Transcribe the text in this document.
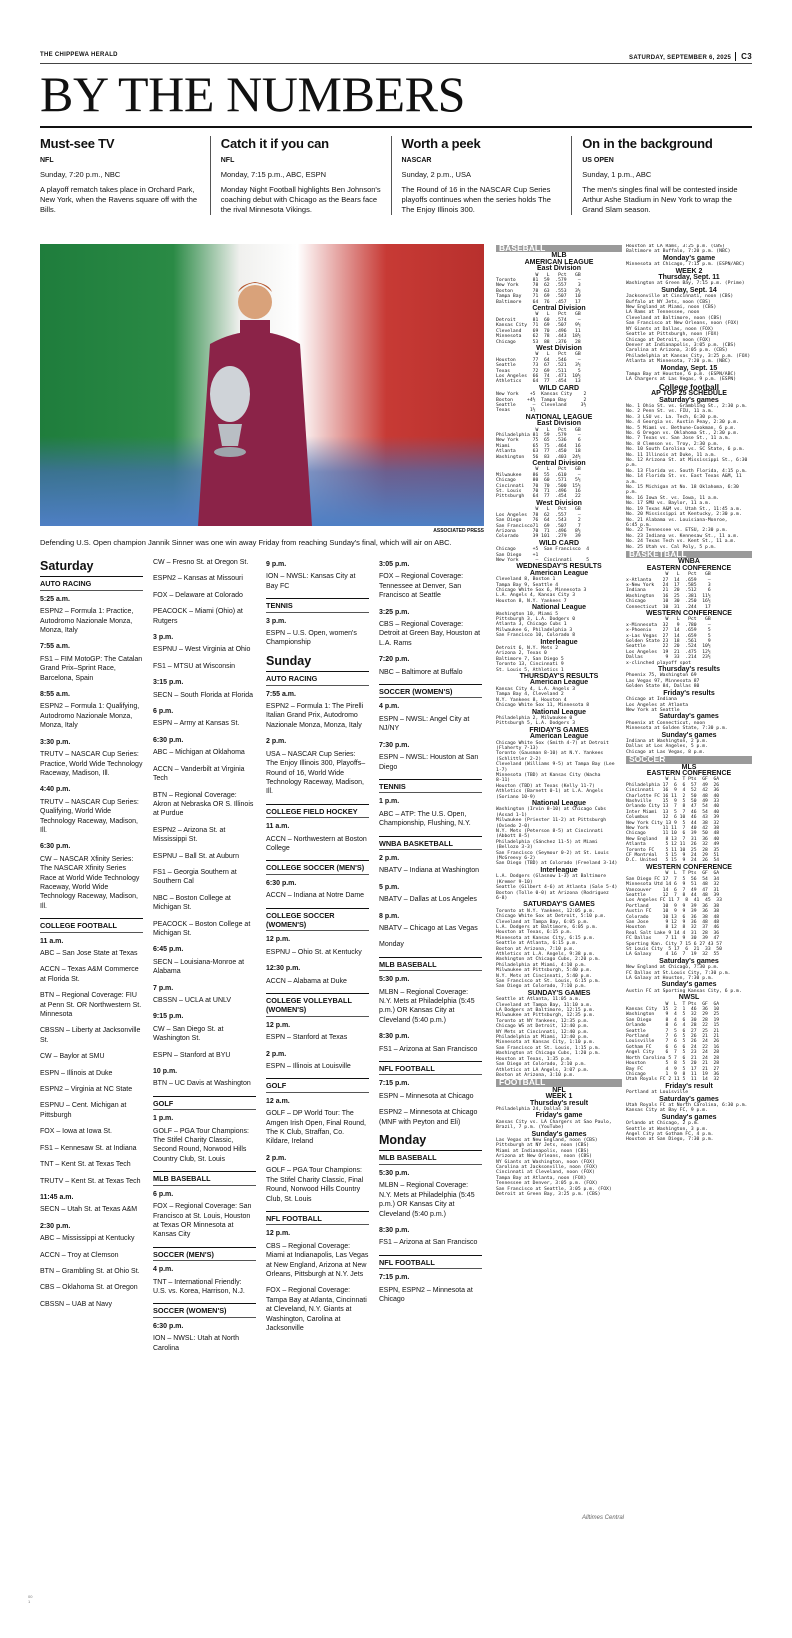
THE CHIPPEWA HERALD	SATURDAY, SEPTEMBER 6, 2025 C3
BY THE NUMBERS
Must-see TV
NFL
Sunday, 7:20 p.m., NBC
A playoff rematch takes place in Orchard Park, New York, when the Ravens square off with the Bills.
Catch it if you can
NFL
Monday, 7:15 p.m., ABC, ESPN
Monday Night Football highlights Ben Johnson's coaching debut with Chicago as the Bears face the rival Minnesota Vikings.
Worth a peek
NASCAR
Sunday, 2 p.m., USA
The Round of 16 in the NASCAR Cup Series playoffs continues when the series holds The The Enjoy Illinois 300.
On in the background
US OPEN
Sunday, 1 p.m., ABC
The men's singles final will be contested inside Arthur Ashe Stadium in New York to wrap the Grand Slam season.
ASSOCIATED PRESS
Defending U.S. Open champion Jannik Sinner was one win away Friday from reaching Sunday's final, which will air on ABC.
Saturday
AUTO RACING
5:25 a.m.
ESPN2 – Formula 1: Practice, Autodromo Nazionale Monza, Monza, Italy
7:55 a.m.
FS1 – FIM MotoGP: The Catalan Grand Prix–Sprint Race, Barcelona, Spain
8:55 a.m.
ESPN2 – Formula 1: Qualifying, Autodromo Nazionale Monza, Monza, Italy
3:30 p.m.
TRUTV – NASCAR Cup Series: Practice, World Wide Technology Raceway, Madison, Ill.
4:40 p.m.
TRUTV – NASCAR Cup Series: Qualifying, World Wide Technology Raceway, Madison, Ill.
6:30 p.m.
CW – NASCAR Xfinity Series: The NASCAR Xfinity Series Race at World Wide Technology Raceway, World Wide Technology Raceway, Madison, Ill.
COLLEGE FOOTBALL
11 a.m.
ABC – San Jose State at Texas
ACCN – Texas A&M Commerce at Florida St.
BTN – Regional Coverage: FIU at Penn St. OR Northwestern St. Minnesota
CBSSN – Liberty at Jacksonville St.
CW – Baylor at SMU
ESPN – Illinois at Duke
ESPN2 – Virginia at NC State
ESPNU – Cent. Michigan at Pittsburgh
FOX – Iowa at Iowa St.
FS1 – Kennesaw St. at Indiana
TNT – Kent St. at Texas Tech
TRUTV – Kent St. at Texas Tech
11:45 a.m.
SECN – Utah St. at Texas A&M
2:30 p.m.
ABC – Mississippi at Kentucky
ACCN – Troy at Clemson
BTN – Grambling St. at Ohio St.
CBS – Oklahoma St. at Oregon
CBSSN – UAB at Navy
CW – Fresno St. at Oregon St.
ESPN2 – Kansas at Missouri
FOX – Delaware at Colorado
PEACOCK – Miami (Ohio) at Rutgers
3 p.m.
ESPNU – West Virginia at Ohio
FS1 – MTSU at Wisconsin
3:15 p.m.
SECN – South Florida at Florida
6 p.m.
ESPN – Army at Kansas St.
6:30 p.m.
ABC – Michigan at Oklahoma
ACCN – Vanderbilt at Virginia Tech
BTN – Regional Coverage: Akron at Nebraska OR S. Illinois at Purdue
ESPN2 – Arizona St. at Mississippi St.
ESPNU – Ball St. at Auburn
FS1 – Georgia Southern at Southern Cal
NBC – Boston College at Michigan St.
PEACOCK – Boston College at Michigan St.
6:45 p.m.
SECN – Louisiana-Monroe at Alabama
7 p.m.
CBSSN – UCLA at UNLV
9:15 p.m.
CW – San Diego St. at Washington St.
ESPN – Stanford at BYU
10 p.m.
BTN – UC Davis at Washington
GOLF
1 p.m.
GOLF – PGA Tour Champions: The Stifel Charity Classic, Second Round, Norwood Hills Country Club, St. Louis
MLB BASEBALL
6 p.m.
FOX – Regional Coverage: San Francisco at St. Louis, Houston at Texas OR Minnesota at Kansas City
SOCCER (MEN'S)
4 p.m.
TNT – International Friendly: U.S. vs. Korea, Harrison, N.J.
SOCCER (WOMEN'S)
6:30 p.m.
ION – NWSL: Utah at North Carolina
9 p.m.
ION – NWSL: Kansas City at Bay FC
TENNIS
3 p.m.
ESPN – U.S. Open, women's Championship
Sunday
AUTO RACING
7:55 a.m.
ESPN2 – Formula 1: The Pirelli Italian Grand Prix, Autodromo Nazionale Monza, Monza, Italy
2 p.m.
USA – NASCAR Cup Series: The Enjoy Illinois 300, Playoffs–Round of 16, World Wide Technology Raceway, Madison, Ill.
COLLEGE FIELD HOCKEY
11 a.m.
ACCN – Northwestern at Boston College
COLLEGE SOCCER (MEN'S)
6:30 p.m.
ACCN – Indiana at Notre Dame
COLLEGE SOCCER (WOMEN'S)
12 p.m.
ESPNU – Ohio St. at Kentucky
12:30 p.m.
ACCN – Alabama at Duke
COLLEGE VOLLEYBALL (WOMEN'S)
12 p.m.
ESPN – Stanford at Texas
2 p.m.
ESPN – Illinois at Louisville
GOLF
12 a.m.
GOLF – DP World Tour: The Amgen Irish Open, Final Round, The K Club, Straffan, Co. Kildare, Ireland
2 p.m.
GOLF – PGA Tour Champions: The Stifel Charity Classic, Final Round, Norwood Hills Country Club, St. Louis
NFL FOOTBALL
12 p.m.
CBS – Regional Coverage: Miami at Indianapolis, Las Vegas at New England, Arizona at New Orleans, Pittsburgh at N.Y. Jets
FOX – Regional Coverage: Tampa Bay at Atlanta, Cincinnati at Cleveland, N.Y. Giants at Washington, Carolina at Jacksonville
3:05 p.m.
FOX – Regional Coverage: Tennessee at Denver, San Francisco at Seattle
3:25 p.m.
CBS – Regional Coverage: Detroit at Green Bay, Houston at L.A. Rams
7:20 p.m.
NBC – Baltimore at Buffalo
SOCCER (WOMEN'S)
4 p.m.
ESPN – NWSL: Angel City at NJ/NY
7:30 p.m.
ESPN – NWSL: Houston at San Diego
TENNIS
1 p.m.
ABC – ATP: The U.S. Open, Championship, Flushing, N.Y.
WNBA BASKETBALL
2 p.m.
NBATV – Indiana at Washington
5 p.m.
NBATV – Dallas at Los Angeles
8 p.m.
NBATV – Chicago at Las Vegas
Monday
MLB BASEBALL
5:30 p.m.
MLBN – Regional Coverage: N.Y. Mets at Philadelphia (5:45 p.m.) OR Kansas City at Cleveland (5:40 p.m.)
8:30 p.m.
FS1 – Arizona at San Francisco
NFL FOOTBALL
7:15 p.m.
ESPN – Minnesota at Chicago
ESPN2 – Minnesota at Chicago (MNF with Peyton and Eli)
Monday
MLB BASEBALL
5:30 p.m.
MLBN – Regional Coverage: N.Y. Mets at Philadelphia (5:45 p.m.) OR Kansas City at Cleveland (5:40 p.m.)
8:30 p.m.
FS1 – Arizona at San Francisco
NFL FOOTBALL
7:15 p.m.
ESPN, ESPN2 – Minnesota at Chicago
BASEBALL
MLB
AMERICAN LEAGUE
East Division
W   L   Pct   GB
Toronto      81  59  .579    –
New York     78  62  .557    3
Boston       78  63  .553   3½
Tampa Bay    71  69  .507   10
Baltimore    64  76  .457   17
Central Division
W   L   Pct   GB
Detroit      81  60  .574    –
Kansas City  71  69  .507   9½
Cleveland    69  70  .496   11
Minnesota    62  78  .443  18½
Chicago      53  88  .376   28
West Division
W   L   Pct   GB
Houston      77  64  .546    –
Seattle      73  67  .521   3½
Texas        72  69  .511    5
Los Angeles  66  74  .471  10½
Athletics    64  77  .454   13
WILD CARD
New York    +5  Kansas City    2
Boston     +4½  Tampa Bay      2
Seattle      –  Cleveland     3½
Texas       1½
NATIONAL LEAGUE
East Division
W   L   Pct   GB
Philadelphia 81  59  .579    –
New York     75  65  .536    6
Miami        65  75  .464   16
Atlanta      63  77  .450   18
Washington   56  83  .403  24½
Central Division
W   L   Pct   GB
Milwaukee    86  55  .610    –
Chicago      80  60  .571   5½
Cincinnati   70  70  .500  15½
St. Louis    70  71  .496   16
Pittsburgh   64  77  .454   22
West Division
W   L   Pct   GB
Los Angeles  78  62  .557    –
San Diego    76  64  .543    2
San Francisco71  69  .507    7
Arizona      70  71  .496   8½
Colorado     39 101  .279   39
WILD CARD
Chicago      +5  San Francisco  4
San Diego    +1
New York      –  Cincinnati     5
WEDNESDAY'S RESULTS
American League
Cleveland 8, Boston 1
Tampa Bay 9, Seattle 4
Chicago White Sox 6, Minnesota 3
L.A. Angels 4, Kansas City 3
Houston 8, N.Y. Yankees 7
National League
Washington 10, Miami 5
Pittsburgh 3, L.A. Dodgers 0
Atlanta 3, Chicago Cubs 1
Milwaukee 6, Philadelphia 3
San Francisco 10, Colorado 8
Interleague
Detroit 6, N.Y. Mets 2
Arizona 2, Texas 0
Baltimore 7, San Diego 5
Toronto 13, Cincinnati 9
St. Louis 5, Athletics 1
THURSDAY'S RESULTS
American League
Kansas City 4, L.A. Angels 3
Tampa Bay 4, Cleveland 2
N.Y. Yankees 8, Houston 4
Chicago White Sox 11, Minnesota 8
National League
Philadelphia 2, Milwaukee 0
Pittsburgh 5, L.A. Dodgers 3
FRIDAY'S GAMES
American League
Chicago White Sox (Smith 4-7) at Detroit
(Flaherty 7-13)
Toronto (Gausman 8-10) at N.Y. Yankees
(Schlittler 2-2)
Cleveland (Williams 9-5) at Tampa Bay (Lee
1-7)
Minnesota (TBD) at Kansas City (Wacha
8-11)
Houston (TBD) at Texas (Kelly 11-7)
Athletics (Barnett 0-1) at L.A. Angels
(Soriano 10-9)
National League
Washington (Irvin 8-10) at Chicago Cubs
(Assad 1-1)
Milwaukee (Priester 11-2) at Pittsburgh
(Oviedo 2-0)
N.Y. Mets (Peterson 8-5) at Cincinnati
(Abbott 8-5)
Philadelphia (Sánchez 11-5) at Miami
(Bellozo 3-3)
San Francisco (Seymour 0-2) at St. Louis
(McGreevy 6-2)
San Diego (TBD) at Colorado (Freeland 3-14)
Interleague
L.A. Dodgers (Glasnow 1-3) at Baltimore
(Kremer 9-10)
Seattle (Gilbert 4-6) at Atlanta (Sale 5-4)
Boston (Tolle 0-0) at Arizona (Rodriguez
6-8)
SATURDAY'S GAMES
Toronto at N.Y. Yankees, 12:05 p.m.
Chicago White Sox at Detroit, 5:10 p.m.
Cleveland at Tampa Bay, 6:05 p.m.
L.A. Dodgers at Baltimore, 6:05 p.m.
Houston at Texas, 6:15 p.m.
Minnesota at Kansas City, 6:15 p.m.
Seattle at Atlanta, 6:15 p.m.
Boston at Arizona, 7:10 p.m.
Athletics at L.A. Angels, 9:38 p.m.
Washington at Chicago Cubs, 2:20 p.m.
Philadelphia at Miami, 4:10 p.m.
Milwaukee at Pittsburgh, 5:40 p.m.
N.Y. Mets at Cincinnati, 5:40 p.m.
San Francisco at St. Louis, 6:15 p.m.
San Diego at Colorado, 7:10 p.m.
SUNDAY'S GAMES
Seattle at Atlanta, 11:05 a.m.
Cleveland at Tampa Bay, 11:10 a.m.
LA Dodgers at Baltimore, 12:15 p.m.
Milwaukee at Pittsburgh, 12:35 p.m.
Toronto at NY Yankees, 12:35 p.m.
Chicago WS at Detroit, 12:40 p.m.
NY Mets at Cincinnati, 12:40 p.m.
Philadelphia at Miami, 12:40 p.m.
Minnesota at Kansas City, 1:10 p.m.
San Francisco at St. Louis, 1:15 p.m.
Washington at Chicago Cubs, 1:20 p.m.
Houston at Texas, 1:35 p.m.
San Diego at Colorado, 2:10 p.m.
Athletics at LA Angels, 3:07 p.m.
Boston at Arizona, 3:10 p.m.
FOOTBALL
NFL
WEEK 1
Thursday's result
Philadelphia 24, Dallas 20
Friday's game
Kansas City vs. LA Chargers at Sao Paulo,
Brazil, 7 p.m. (YouTube)
Sunday's games
Las Vegas at New England, noon (CBS)
Pittsburgh at NY Jets, noon (CBS)
Miami at Indianapolis, noon (CBS)
Arizona at New Orleans, noon (CBS)
NY Giants at Washington, noon (FOX)
Carolina at Jacksonville, noon (FOX)
Cincinnati at Cleveland, noon (FOX)
Tampa Bay at Atlanta, noon (FOX)
Tennessee at Denver, 3:05 p.m. (FOX)
San Francisco at Seattle, 3:05 p.m. (FOX)
Detroit at Green Bay, 3:25 p.m. (CBS)
Houston at LA Rams, 3:25 p.m. (CBS)
Baltimore at Buffalo, 7:20 p.m. (NBC)
Monday's game
Minnesota at Chicago, 7:15 p.m. (ESPN/ABC)
WEEK 2
Thursday, Sept. 11
Washington at Green Bay, 7:15 p.m. (Prime)
Sunday, Sept. 14
Jacksonville at Cincinnati, noon (CBS)
Buffalo at NY Jets, noon (CBS)
New England at Miami, noon (CBS)
LA Rams at Tennessee, noon
Cleveland at Baltimore, noon (CBS)
San Francisco at New Orleans, noon (FOX)
NY Giants at Dallas, noon (FOX)
Seattle at Pittsburgh, noon (FOX)
Chicago at Detroit, noon (FOX)
Denver at Indianapolis, 3:05 p.m. (CBS)
Carolina at Arizona, 3:05 p.m. (CBS)
Philadelphia at Kansas City, 3:25 p.m. (FOX)
Atlanta at Minnesota, 7:20 p.m. (NBC)
Monday, Sept. 15
Tampa Bay at Houston, 6 p.m. (ESPN/ABC)
LA Chargers at Las Vegas, 9 p.m. (ESPN)
College football
AP TOP 25 SCHEDULE
Saturday's games
No. 1 Ohio St. vs. Grambling St., 2:30 p.m.
No. 2 Penn St. vs. FIU, 11 a.m.
No. 3 LSU vs. La. Tech, 6:30 p.m.
No. 4 Georgia vs. Austin Peay, 2:30 p.m.
No. 5 Miami vs. Bethune-Cookman, 6 p.m.
No. 6 Oregon vs. Oklahoma St., 2:30 p.m.
No. 7 Texas vs. San Jose St., 11 a.m.
No. 8 Clemson vs. Troy, 2:30 p.m.
No. 10 South Carolina vs. SC State, 6 p.m.
No. 11 Illinois at Duke, 11 a.m.
No. 12 Arizona St. at Mississippi St., 6:30
p.m.
No. 13 Florida vs. South Florida, 4:15 p.m.
No. 14 Florida St. vs. East Texas A&M, 11
a.m.
No. 15 Michigan at No. 18 Oklahoma, 6:30
p.m.
No. 16 Iowa St. vs. Iowa, 11 a.m.
No. 17 SMU vs. Baylor, 11 a.m.
No. 19 Texas A&M vs. Utah St., 11:45 a.m.
No. 20 Mississippi at Kentucky, 2:30 p.m.
No. 21 Alabama vs. Louisiana-Monroe,
6:45 p.m.
No. 22 Tennessee vs. ETSU, 2:30 p.m.
No. 23 Indiana vs. Kennesaw St., 11 a.m.
No. 24 Texas Tech vs. Kent St., 11 a.m.
No. 25 Utah vs. Cal Poly, 5 p.m.
BASKETBALL
WNBA
EASTERN CONFERENCE
W   L   Pct   GB
x-Atlanta    27  14  .659    –
x-New York   24  17  .585    3
Indiana      21  20  .512    6
Washington   16  25  .381  11½
Chicago      10  30  .250  16½
Connecticut  10  31  .244   17
WESTERN CONFERENCE
W   L   Pct   GB
x-Minnesota  32   9  .780    –
x-Phoenix    27  14  .659    5
x-Las Vegas  27  14  .659    5
Golden State 23  18  .561    9
Seattle      22  20  .524  10½
Los Angeles  19  21  .475  12½
Dallas        9  33  .214  23½
x-clinched playoff spot
Thursday's results
Phoenix 75, Washington 69
Las Vegas 97, Minnesota 87
Golden State 84, Dallas 80
Friday's results
Chicago at Indiana
Los Angeles at Atlanta
New York at Seattle
Saturday's games
Phoenix at Connecticut, noon
Minnesota at Golden State, 7:30 p.m.
Sunday's games
Indiana at Washington, 2 p.m.
Dallas at Los Angeles, 5 p.m.
Chicago at Las Vegas, 8 p.m.
SOCCER
MLS
EASTERN CONFERENCE
W  L  T Pts  GF  GA
Philadelphia 17  6  6  57  49  26
Cincinnati   16  9  4  52  42  36
Charlotte FC 16 11  2  50  48  40
Nashville    15  9  5  50  49  33
Orlando City 13  7  8  47  54  40
Inter Miami  13  5  7  46  54  40
Columbus     12  6 10  46  43  39
New York City 13 9  5  44  38  32
New York     11 11  7  40  42  38
Chicago      11 10  6  39  50  48
New England   8 13  7  31  36  40
Atlanta       5 12 11  26  32  49
Toronto FC    5 11 10  25  28  35
CF Montréal   5 15  9  24  29  51
D.C. United   5 15  9  24  26  54
WESTERN CONFERENCE
W  L  T Pts  GF  GA
San Diego FC 17  7  5  56  54  34
Minnesota Utd 14 6  9  51  48  32
Vancouver    14  6  7  49  47  31
Seattle      12  7  8  44  48  39
Los Angeles FC 11 7  8  41  45  33
Portland     10  9  9  39  36  38
Austin FC    10  9  9  39  36  38
Colorado     10 13  6  36  38  48
San Jose      9 12  9  36  48  48
Houston       8 12  8  32  37  46
Real Salt Lake 9 14 4  31  28  36
FC Dallas     7 11  9  30  39  47
Sporting Kan. City 7 15 6 27 43 57
St Louis City  5 17  6  21  33  50
LA Galaxy     4 16  7  19  32  55
Saturday's games
New England at Chicago, 7:30 p.m.
FC Dallas at St.Louis City, 7:30 p.m.
LA Galaxy at Houston, 7:30 p.m.
Sunday's games
Austin FC at Sporting Kansas City, 6 p.m.
NWSL
W  L  T Pts  GF  GA
Kansas City  15  2  1  46  36  10
Washington    9  4  5  32  29  25
San Diego     8  4  6  30  28  19
Orlando       8  6  4  28  22  15
Seattle       7  5  6  27  25  21
Portland      7  6  5  26  21  21
Louisville    7  6  5  26  24  26
Gotham FC     6  6  6  24  22  16
Angel City    6  7  5  23  24  28
North Carolina 5 7  6  21  24  28
Houston       5  8  5  20  21  28
Bay FC        4  9  5  17  21  27
Chicago       1  9  8  11  19  36
Utah Royals FC 2 11 5  11  14  32
Friday's result
Portland at Louisville
Saturday's games
Utah Royals FC at North Carolina, 6:30 p.m.
Kansas City at Bay FC, 9 p.m.
Sunday's games
Orlando at Chicago, 2 p.m.
Seattle at Washington, 3 p.m.
Angel City at Gotham FC, 4 p.m.
Houston at San Diego, 7:30 p.m.
Alltimes Central
00
1
